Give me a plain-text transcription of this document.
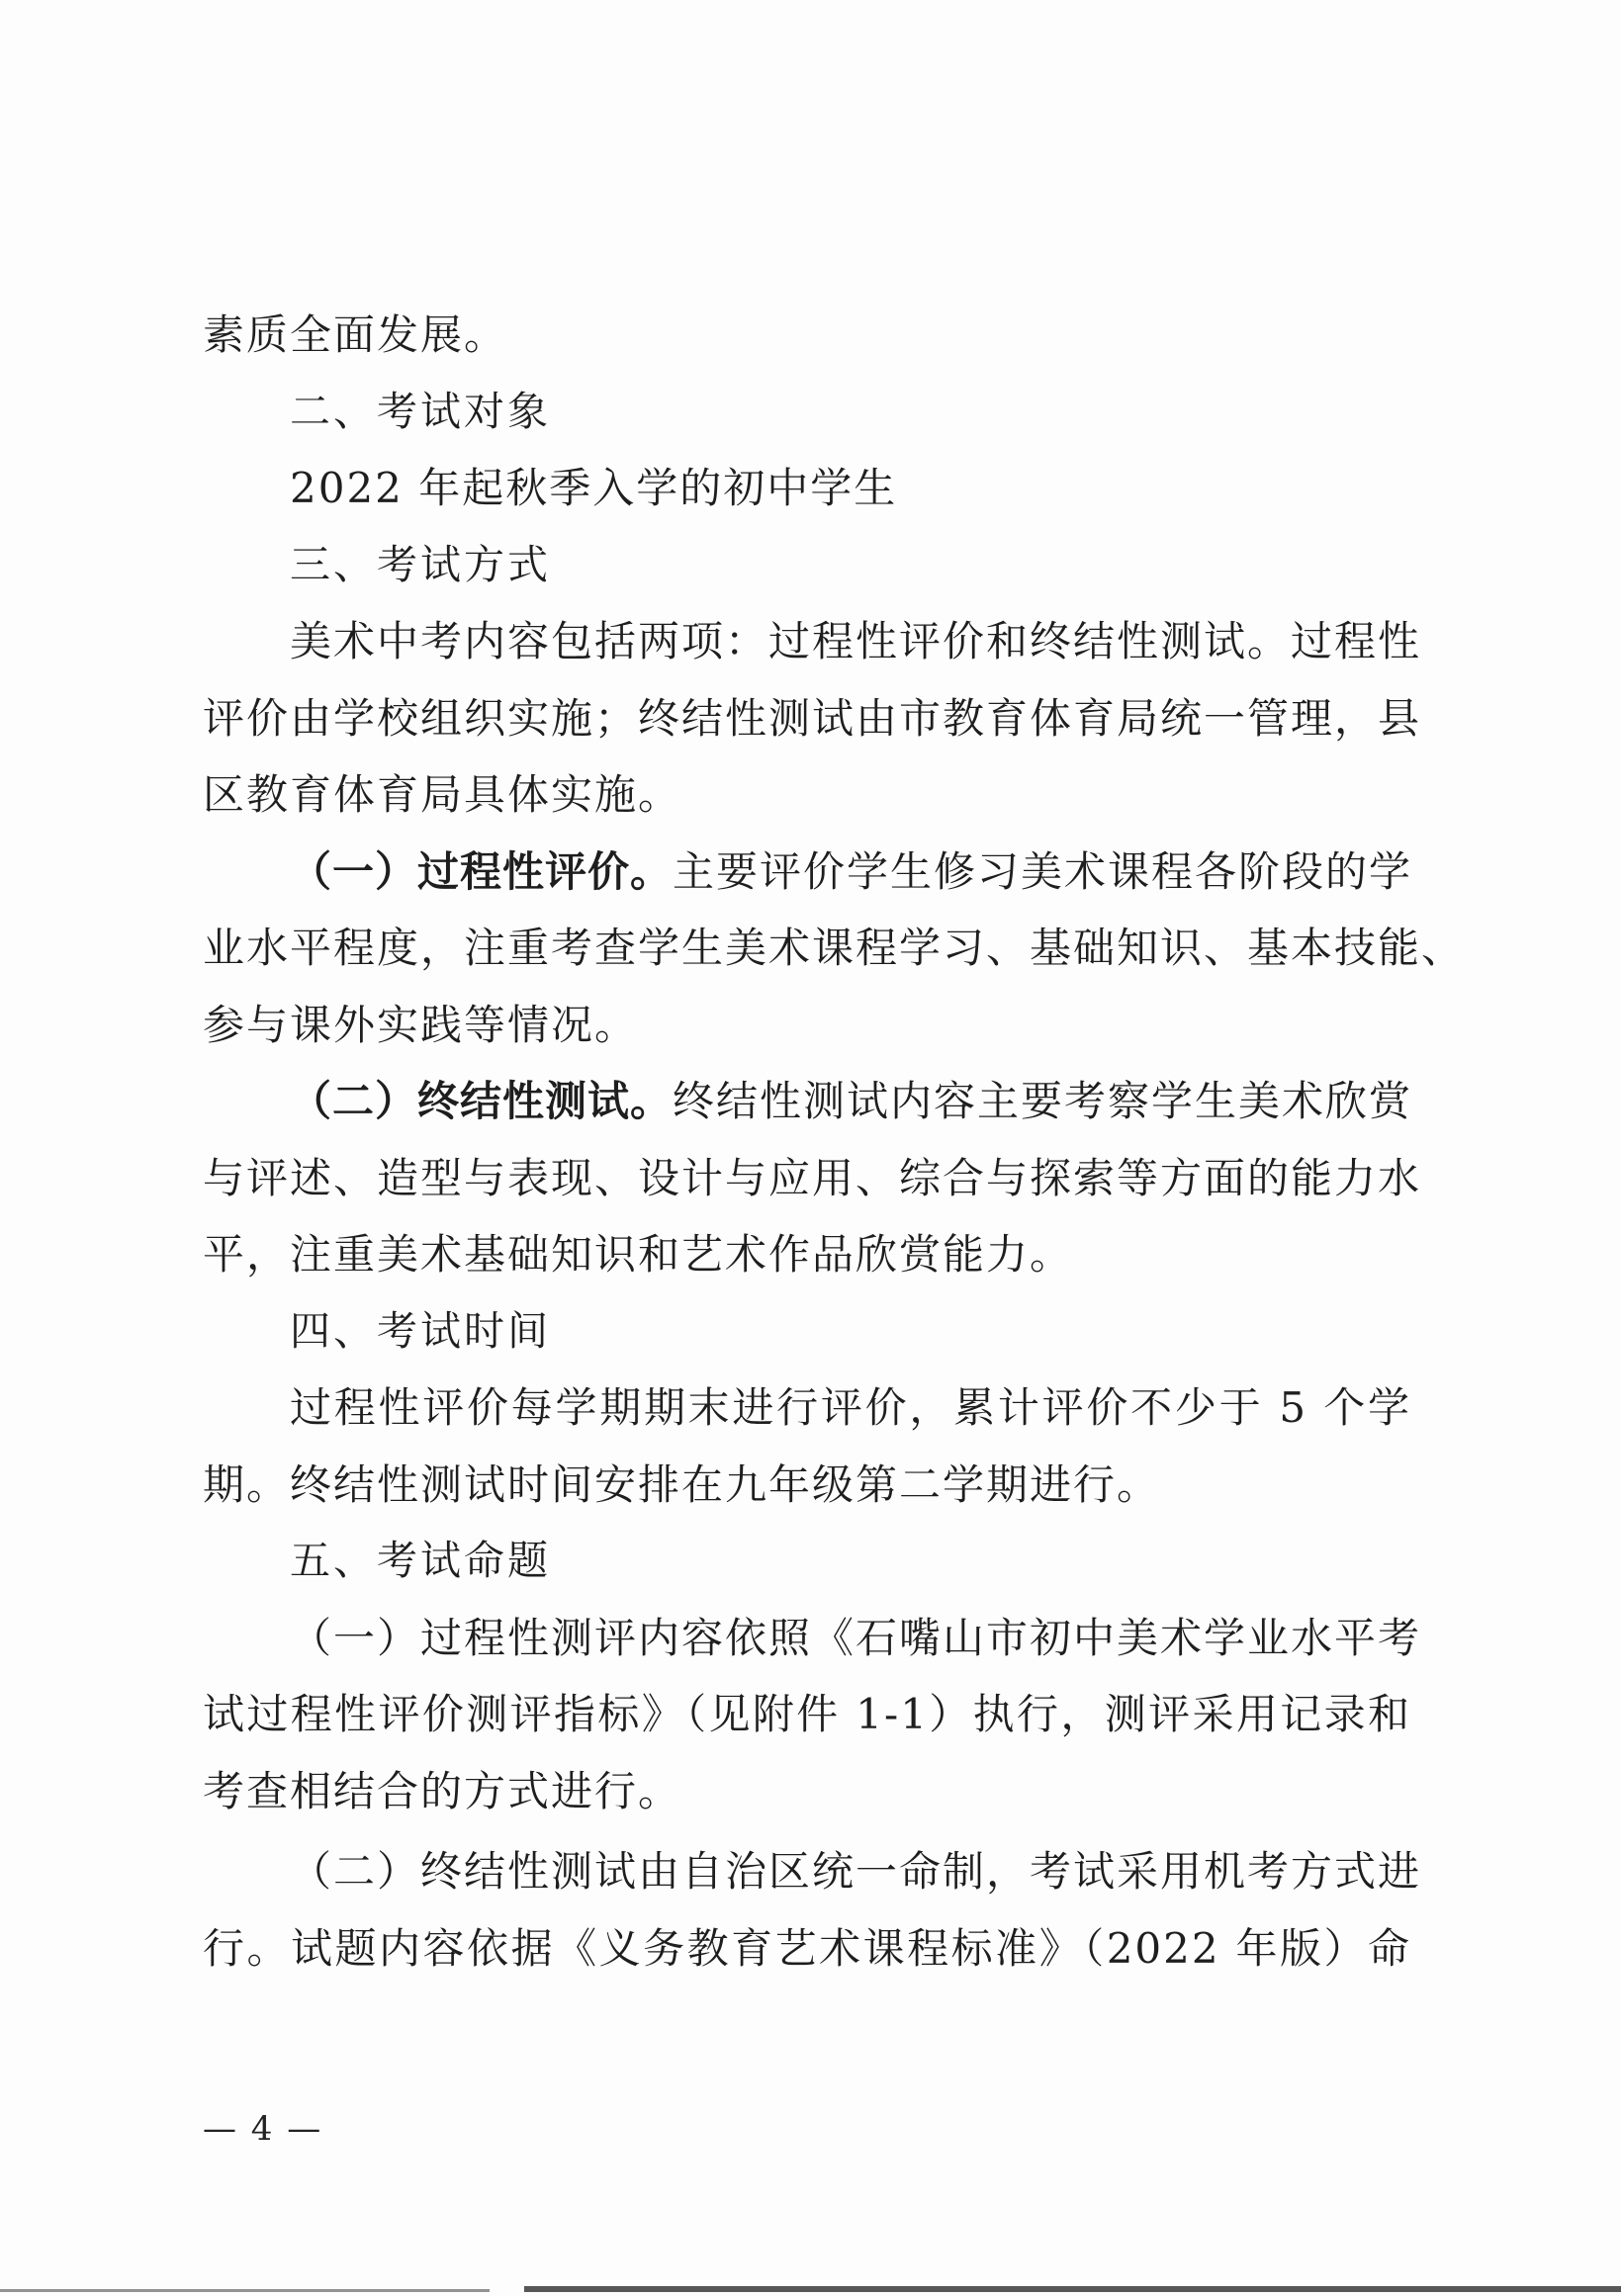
素质全面发展。
二、考试对象
2022 年起秋季入学的初中学生
三、考试方式
美术中考内容包括两项：过程性评价和终结性测试。过程性
评价由学校组织实施；终结性测试由市教育体育局统一管理，县
区教育体育局具体实施。
（一）过程性评价。主要评价学生修习美术课程各阶段的学
业水平程度，注重考查学生美术课程学习、基础知识、基本技能、
参与课外实践等情况。
（二）终结性测试。终结性测试内容主要考察学生美术欣赏
与评述、造型与表现、设计与应用、综合与探索等方面的能力水
平，注重美术基础知识和艺术作品欣赏能力。
四、考试时间
过程性评价每学期期末进行评价，累计评价不少于 5 个学
期。终结性测试时间安排在九年级第二学期进行。
五、考试命题
（一）过程性测评内容依照《石嘴山市初中美术学业水平考
试过程性评价测评指标》（见附件 1-1）执行，测评采用记录和
考查相结合的方式进行。
（二）终结性测试由自治区统一命制，考试采用机考方式进
行。试题内容依据《义务教育艺术课程标准》（2022 年版）命
— 4 —
